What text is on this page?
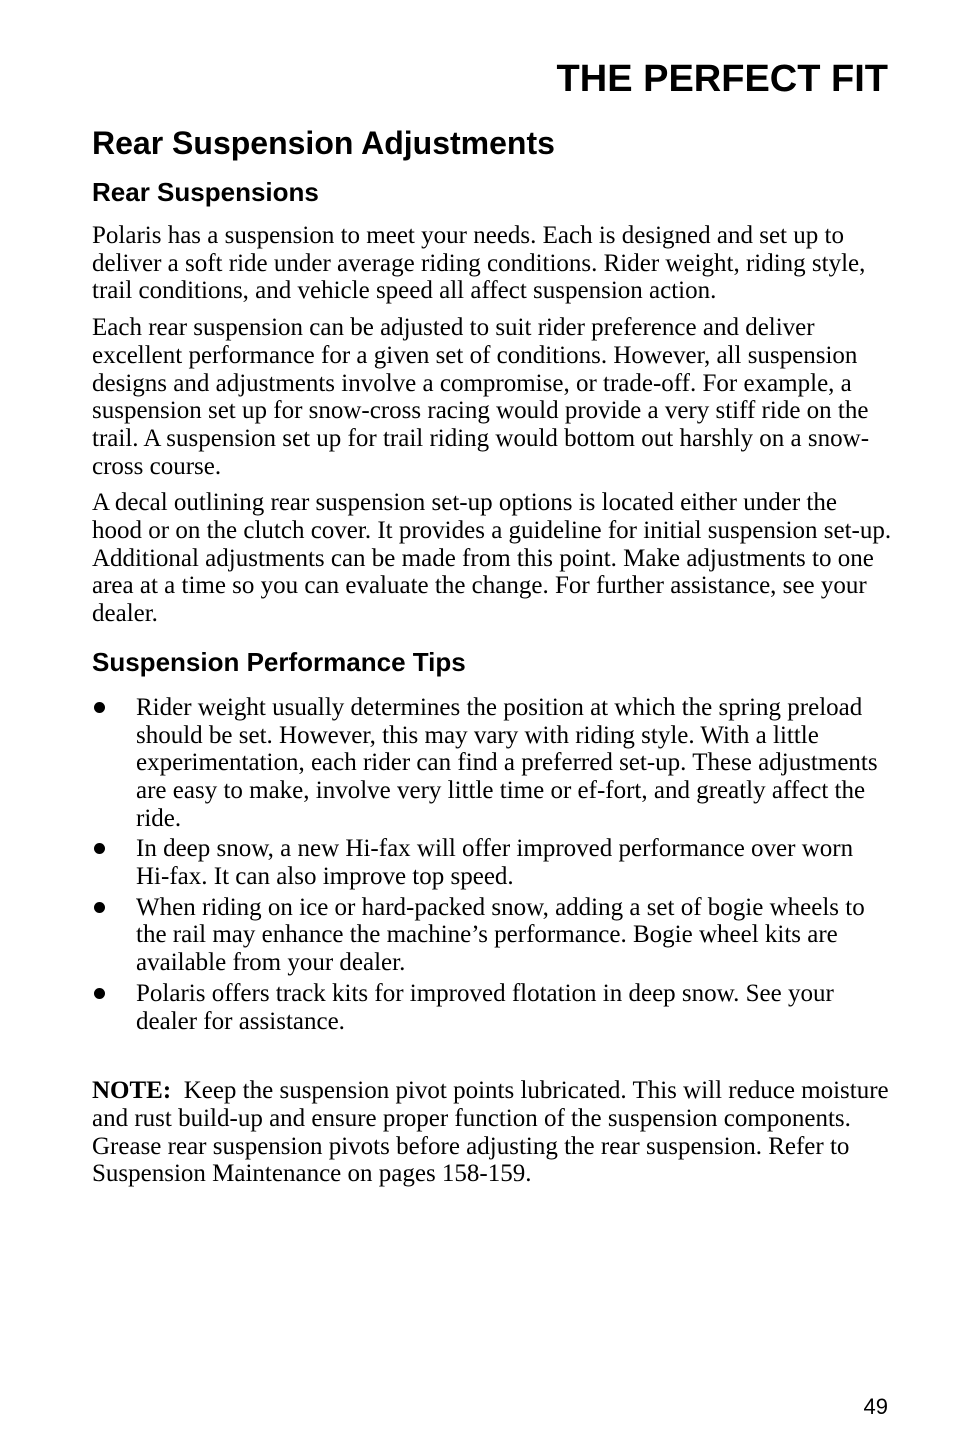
THE PERFECT FIT
Rear Suspension Adjustments
Rear Suspensions

Polaris has a suspension to meet your needs. Each is designed and set up to deliver a soft ride under average riding conditions. Rider weight, riding style, trail conditions, and vehicle speed all affect suspension action.

Each rear suspension can be adjusted to suit rider preference and deliver excellent performance for a given set of conditions. However, all suspension designs and adjustments involve a compromise, or trade-off. For example, a suspension set up for snow-cross racing would provide a very stiff ride on the trail. A suspension set up for trail riding would bottom out harshly on a snow-cross course.

A decal outlining rear suspension set-up options is located either under the hood or on the clutch cover. It provides a guideline for initial suspension set-up. Additional adjustments can be made from this point. Make adjustments to one area at a time so you can evaluate the change. For further assistance, see your dealer.

Suspension Performance Tips
Rider weight usually determines the position at which the spring preload should be set. However, this may vary with riding style. With a little experimentation, each rider can find a preferred set-up. These adjustments are easy to make, involve very little time or ef-fort, and greatly affect the ride.
In deep snow, a new Hi-fax will offer improved performance over worn Hi-fax. It can also improve top speed.
When riding on ice or hard-packed snow, adding a set of bogie wheels to the rail may enhance the machine’s performance. Bogie wheel kits are available from your dealer.
Polaris offers track kits for improved flotation in deep snow. See your dealer for assistance.

NOTE: Keep the suspension pivot points lubricated. This will reduce moisture and rust build-up and ensure proper function of the suspension components. Grease rear suspension pivots before adjusting the rear suspension. Refer to Suspension Maintenance on pages 158-159.

49
